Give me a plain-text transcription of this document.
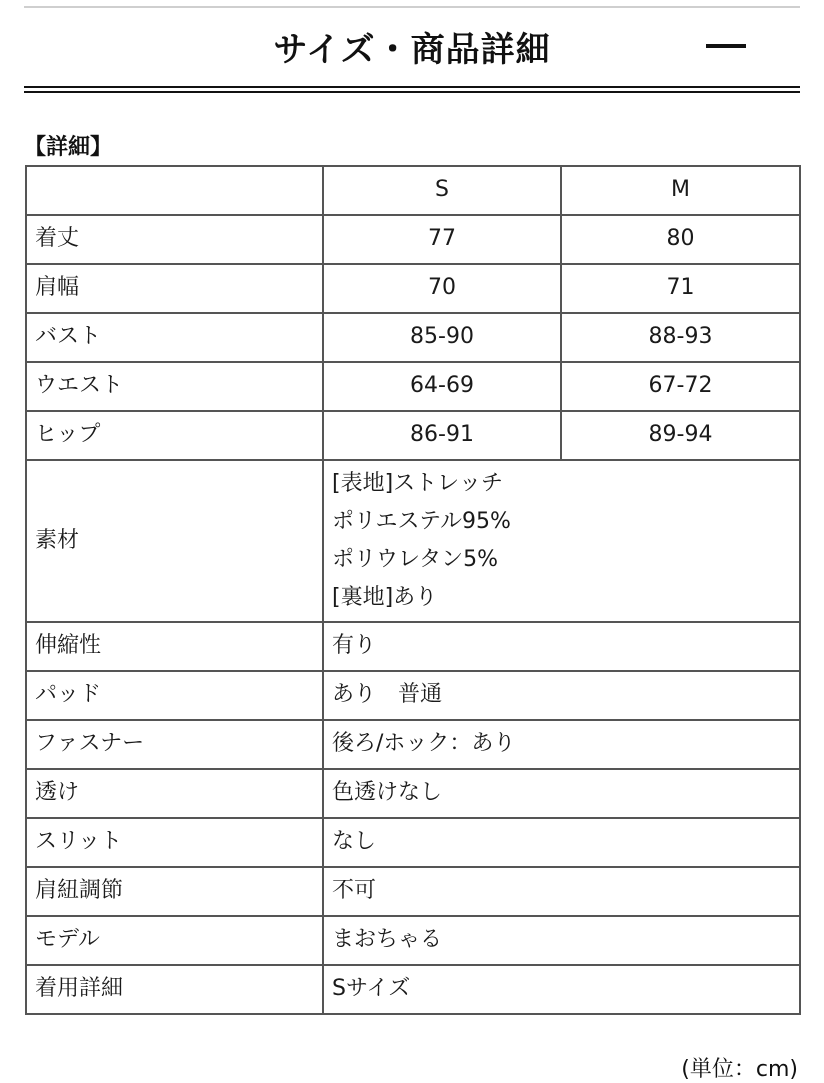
サイズ・商品詳細
【詳細】
	S	M
着丈	77	80
肩幅	70	71
バスト	85-90	88-93
ウエスト	64-69	67-72
ヒップ	86-91	89-94
素材	[表地]ストレッチ
ポリエステル95%
ポリウレタン5%
[裏地]あり	

伸縮性	有り	
パッド	あり　普通	
ファスナー	後ろ/ホック：あり	
透け	色透けなし	
スリット	なし	
肩紐調節	不可	
モデル	まおちゃる	
着用詳細	Sサイズ	
(単位：cm)
